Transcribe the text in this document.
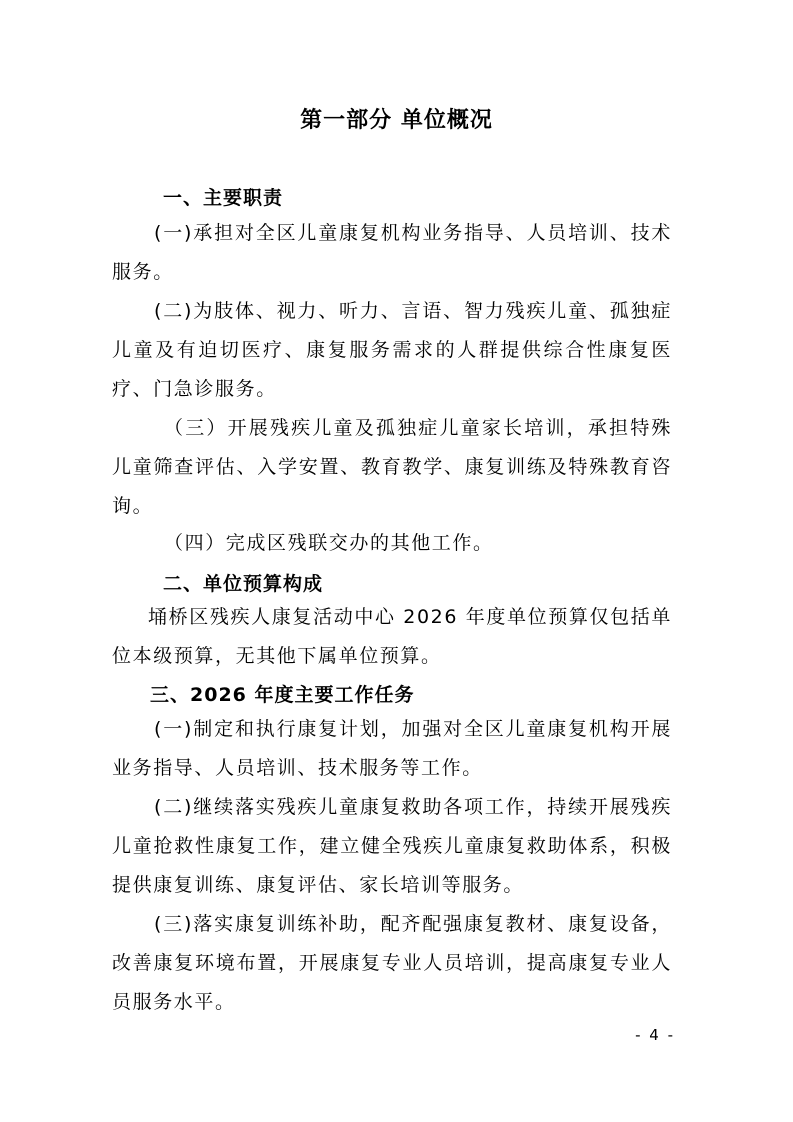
第一部分 单位概况
一、主要职责
(一)承担对全区儿童康复机构业务指导、人员培训、技术服务。
(二)为肢体、视力、听力、言语、智力残疾儿童、孤独症儿童及有迫切医疗、康复服务需求的人群提供综合性康复医疗、门急诊服务。
（三）开展残疾儿童及孤独症儿童家长培训，承担特殊儿童筛查评估、入学安置、教育教学、康复训练及特殊教育咨询。
（四）完成区残联交办的其他工作。
二、单位预算构成
埇桥区残疾人康复活动中心 2026 年度单位预算仅包括单位本级预算，无其他下属单位预算。
三、2026 年度主要工作任务
(一)制定和执行康复计划，加强对全区儿童康复机构开展业务指导、人员培训、技术服务等工作。
(二)继续落实残疾儿童康复救助各项工作，持续开展残疾儿童抢救性康复工作，建立健全残疾儿童康复救助体系，积极提供康复训练、康复评估、家长培训等服务。
(三)落实康复训练补助，配齐配强康复教材、康复设备，改善康复环境布置，开展康复专业人员培训，提高康复专业人员服务水平。
- 4 -
